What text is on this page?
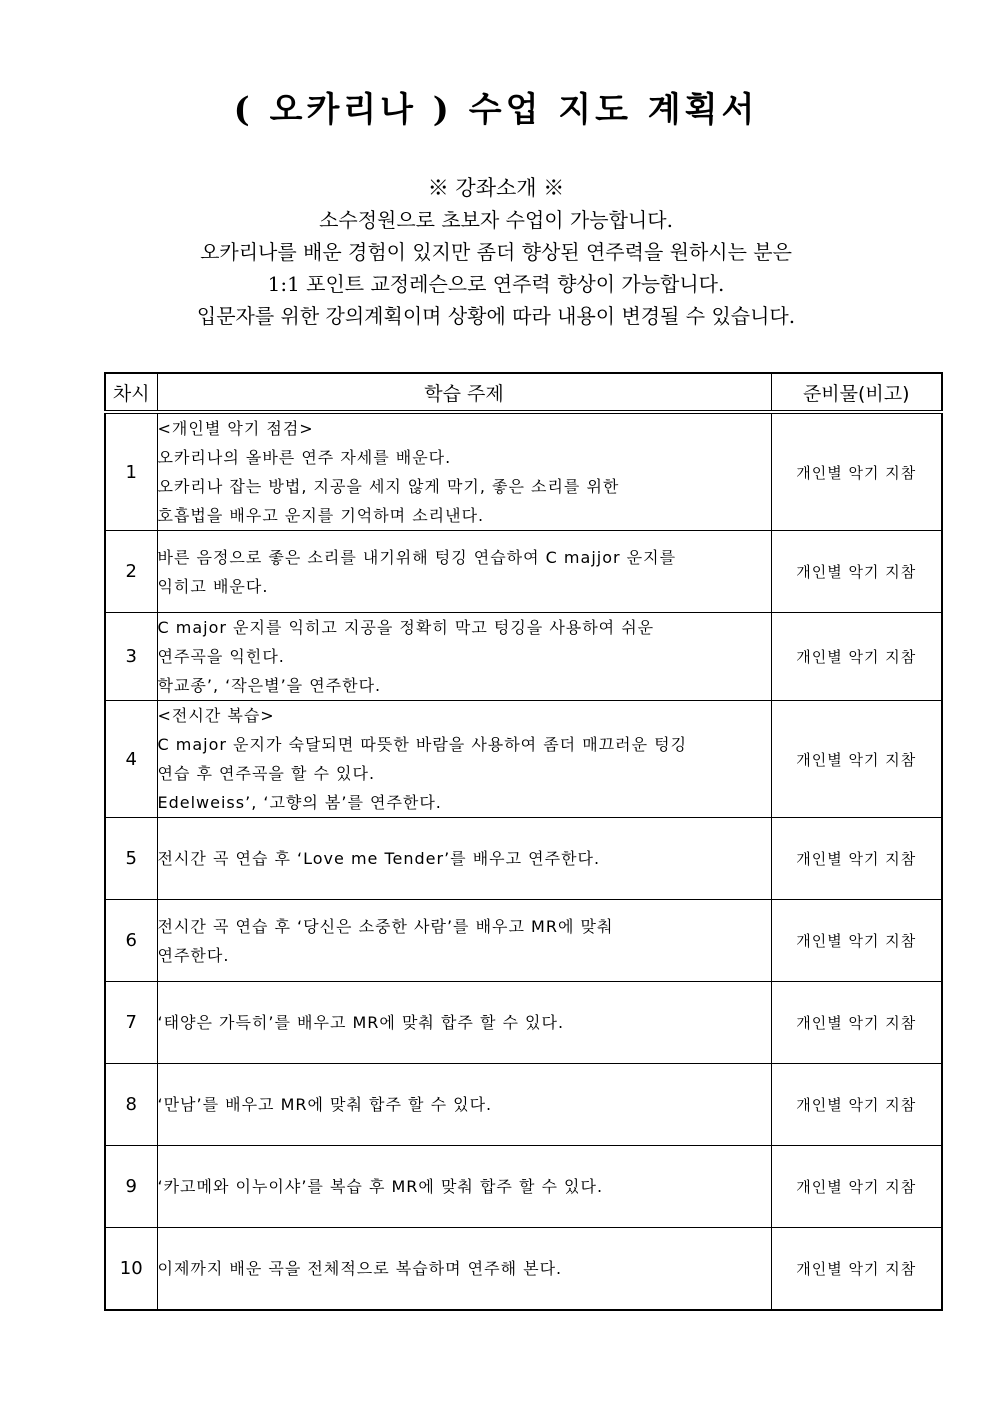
( 오카리나 ) 수업 지도 계획서
※ 강좌소개 ※
소수정원으로 초보자 수업이 가능합니다.
오카리나를 배운 경험이 있지만 좀더 향상된 연주력을 원하시는 분은
1:1 포인트 교정레슨으로 연주력 향상이 가능합니다.
입문자를 위한 강의계획이며 상황에 따라 내용이 변경될 수 있습니다.
차시	학습 주제	준비물(비고)
1	<개인별 악기 점검>
오카리나의 올바른 연주 자세를 배운다.
오카리나 잡는 방법, 지공을 세지 않게 막기, 좋은 소리를 위한
호흡법을 배우고 운지를 기억하며 소리낸다.	개인별 악기 지참
2	바른 음정으로 좋은 소리를 내기위해 텅깅 연습하여 C majjor 운지를
익히고 배운다.	개인별 악기 지참
3	C major 운지를 익히고 지공을 정확히 막고 텅깅을 사용하여 쉬운
연주곡을 익힌다.
학교종’, ‘작은별’을 연주한다.	개인별 악기 지참
4	<전시간 복습>
C major 운지가 숙달되면 따뜻한 바람을 사용하여 좀더 매끄러운 텅깅
연습 후 연주곡을 할 수 있다.
Edelweiss’, ‘고향의 봄’를 연주한다.	개인별 악기 지참
5	전시간 곡 연습 후 ‘Love me Tender’를 배우고 연주한다.	개인별 악기 지참
6	전시간 곡 연습 후 ‘당신은 소중한 사람’를 배우고 MR에 맞춰
연주한다.	개인별 악기 지참
7	‘태양은 가득히’를 배우고 MR에 맞춰 합주 할 수 있다.	개인별 악기 지참
8	‘만남’를 배우고 MR에 맞춰 합주 할 수 있다.	개인별 악기 지참
9	‘카고메와 이누이샤’를 복습 후 MR에 맞춰 합주 할 수 있다.	개인별 악기 지참
10	이제까지 배운 곡을 전체적으로 복습하며 연주해 본다.	개인별 악기 지참
